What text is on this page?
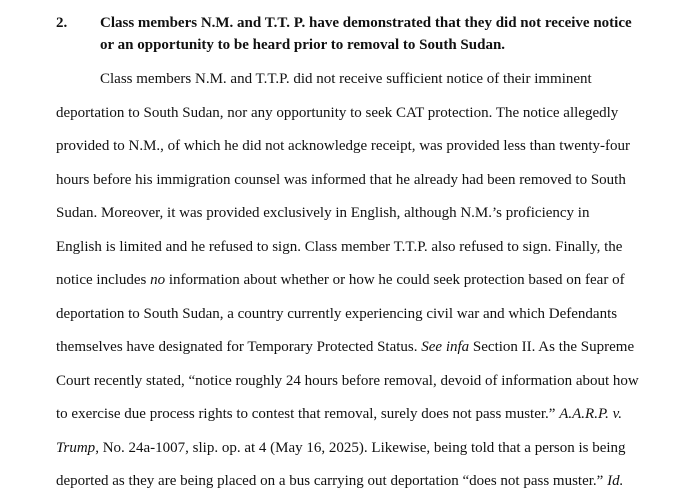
2. Class members N.M. and T.T. P. have demonstrated that they did not receive notice
or an opportunity to be heard prior to removal to South Sudan.
Class members N.M. and T.T.P. did not receive sufficient notice of their imminent
deportation to South Sudan, nor any opportunity to seek CAT protection. The notice allegedly
provided to N.M., of which he did not acknowledge receipt, was provided less than twenty-four
hours before his immigration counsel was informed that he already had been removed to South
Sudan. Moreover, it was provided exclusively in English, although N.M.’s proficiency in
English is limited and he refused to sign. Class member T.T.P. also refused to sign. Finally, the
notice includes no information about whether or how he could seek protection based on fear of
deportation to South Sudan, a country currently experiencing civil war and which Defendants
themselves have designated for Temporary Protected Status. See infa Section II. As the Supreme
Court recently stated, “notice roughly 24 hours before removal, devoid of information about how
to exercise due process rights to contest that removal, surely does not pass muster.” A.A.R.P. v.
Trump, No. 24a-1007, slip. op. at 4 (May 16, 2025). Likewise, being told that a person is being
deported as they are being placed on a bus carrying out deportation “does not pass muster.” Id.
